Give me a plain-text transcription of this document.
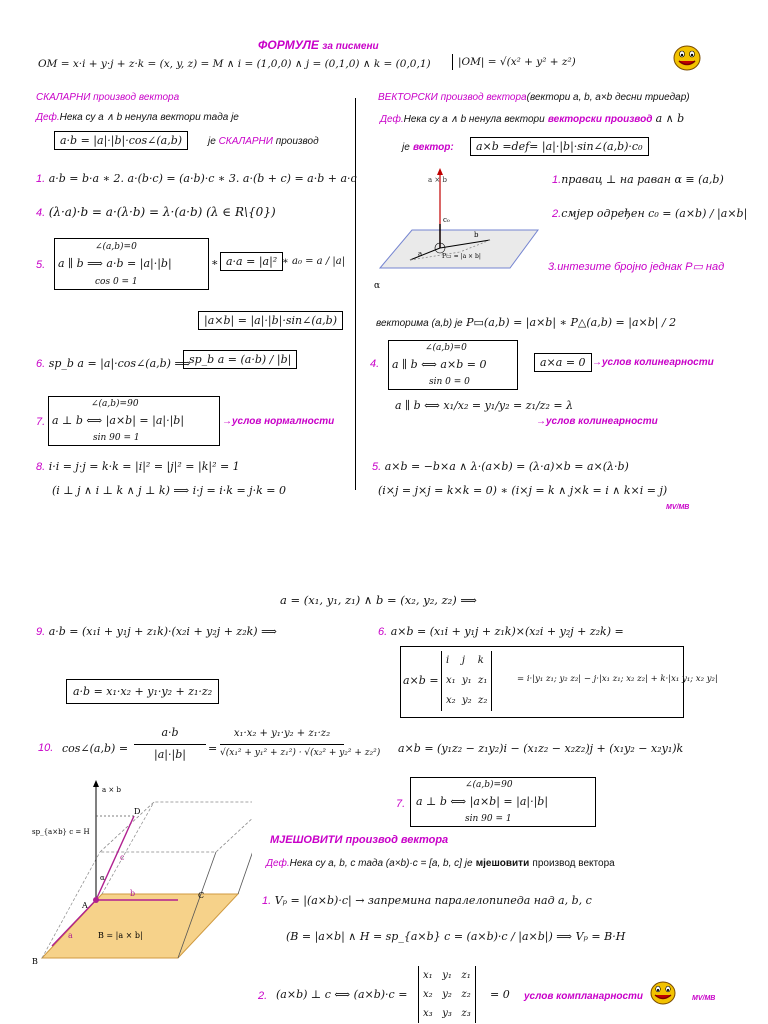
ФОРМУЛЕ за писмени
OM = x·i + y·j + z·k = (x, y, z) = M ∧ i = (1,0,0) ∧ j = (0,1,0) ∧ k = (0,0,1)	|OM| = √(x² + y² + z²)
СКАЛАРНИ производ вектора
Деф.Нека су a ∧ b ненула вектори тада је
a·b = |a|·|b|·cos∠(a,b)	је СКАЛАРНИ производ
1. a·b = b·a ∗ 2. a·(b·c) = (a·b)·c ∗ 3. a·(b + c) = a·b + a·c
4. (λ·a)·b = a·(λ·b) = λ·(a·b) (λ ∈ R\{0})
5.
∠(a,b)=0
a ∥ b ⟹ a·b = |a|·|b|
cos 0 = 1
∗ a·a = |a|² ∗ a₀ = a / |a|
|a×b| = |a|·|b|·sin∠(a,b)
6. sp_b a = |a|·cos∠(a,b) ⟹
sp_b a = (a·b) / |b|
7.
∠(a,b)=90
a ⊥ b ⟺ |a×b| = |a|·|b|
sin 90 = 1
→услов нормалности
8. i·i = j·j = k·k = |i|² = |j|² = |k|² = 1
(i ⊥ j ∧ i ⊥ k ∧ j ⊥ k) ⟹ i·j = i·k = j·k = 0
ВЕКТОРСКИ производ вектора(вектори a, b, a×b десни триедар)
Деф.Нека су a ∧ b ненула вектори векторски производ a ∧ b
је вектор:	a×b =def= |a|·|b|·sin∠(a,b)·c₀
a × b
c₀
b
a	P▭ = |a × b|
α
1.правац ⊥ на раван α ≡ (a,b)
2.смјер одређен c₀ = (a×b) / |a×b|
3.интезите бројно једнак P▭ над
векторима (a,b) је P▭(a,b) = |a×b| ∗ P△(a,b) = |a×b| / 2
4.
∠(a,b)=0
a ∥ b ⟺ a×b = 0
sin 0 = 0
a×a = 0 →услов колинеарности
a ∥ b ⟺ x₁/x₂ = y₁/y₂ = z₁/z₂ = λ
→услов колинеарности
5. a×b = −b×a ∧ λ·(a×b) = (λ·a)×b = a×(λ·b)
(i×j = j×j = k×k = 0) ∗ (i×j = k ∧ j×k = i ∧ k×i = j)
MV/MB
a = (x₁, y₁, z₁) ∧ b = (x₂, y₂, z₂) ⟹
9. a·b = (x₁i + y₁j + z₁k)·(x₂i + y₂j + z₂k) ⟹
a·b = x₁·x₂ + y₁·y₂ + z₁·z₂
10. cos∠(a,b) =
a·b
|a|·|b|	=
x₁·x₂ + y₁·y₂ + z₁·z₂
√(x₁² + y₁² + z₁²) · √(x₂² + y₂² + z₂²)
6. a×b = (x₁i + y₁j + z₁k)×(x₂i + y₂j + z₂k) =
a×b =
i j k
x₁ y₁ z₁
x₂ y₂ z₂
= i·|y₁ z₁; y₂ z₂| − j·|x₁ z₁; x₂ z₂| + k·|x₁ y₁; x₂ y₂|
a×b = (y₁z₂ − z₁y₂)i − (x₁z₂ − x₂z₂)j + (x₁y₂ − x₂y₁)k
7.
∠(a,b)=90
a ⊥ b ⟺ |a×b| = |a|·|b|
sin 90 = 1
МЈЕШОВИТИ производ вектора
Деф.Нека су a, b, c тада (a×b)·c = [a, b, c] је мјешовити производ вектора
1. Vₚ = |(a×b)·c| → запремина паралелопипеда над a, b, c
(B = |a×b| ∧ H = sp_{a×b} c = (a×b)·c / |a×b|) ⟹ Vₚ = B·H
2. (a×b) ⊥ c ⟺ (a×b)·c =
x₁ y₁ z₁
x₂ y₂ z₂
x₃ y₃ z₃
= 0 услов компланарности	MV/MB
a × b
sp_{a×b} c = H
D
c
α
b	C
A
a
B
B = |a × b|
